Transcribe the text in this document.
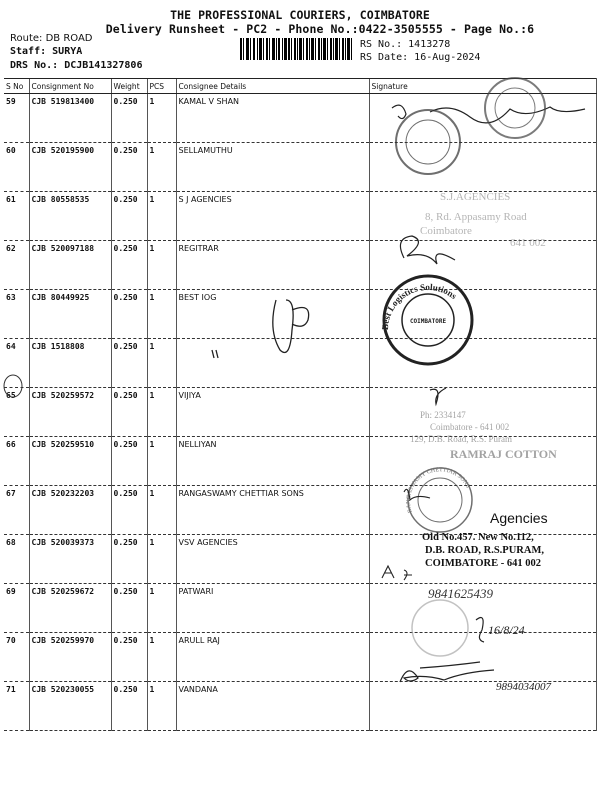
THE PROFESSIONAL COURIERS, COIMBATORE
Delivery Runsheet - PC2 - Phone No.:0422-3505555 - Page No.:6
Route: DB ROAD
Staff: SURYA
DRS No.: DCJB141327806
RS No.: 1413278
RS Date: 16-Aug-2024
S No	Consignment No	Weight	PCS	Consignee Details	Signature
59	CJB 519813400	0.250	1	KAMAL V SHAN	
60	CJB 520195900	0.250	1	SELLAMUTHU	
61	CJB 80558535	0.250	1	S J AGENCIES	
62	CJB 520097188	0.250	1	REGITRAR	
63	CJB 80449925	0.250	1	BEST IOG	
64	CJB 1518808	0.250	1		
65	CJB 520259572	0.250	1	VIJIYA	
66	CJB 520259510	0.250	1	NELLIYAN	
67	CJB 520232203	0.250	1	RANGASWAMY CHETTIAR SONS	
68	CJB 520039373	0.250	1	VSV AGENCIES	
69	CJB 520259672	0.250	1	PATWARI	
70	CJB 520259970	0.250	1	ARULL RAJ	
71	CJB 520230055	0.250	1	VANDANA	
S.J.AGENCIES
8, Rd. Appasamy Road
Coimbatore
641 002
Best Logistics Solutions
COIMBATORE
Ph: 2334147
Coimbatore - 641 002
129, D.B. Road, R.S. Puram
RAMRAJ COTTON
RANGASWAMY CHETTIAR SONS
Agencies
Old No.457. New No.112,
D.B. ROAD, R.S.PURAM,
COIMBATORE - 641 002
9841625439
16/8/24
9894034007
